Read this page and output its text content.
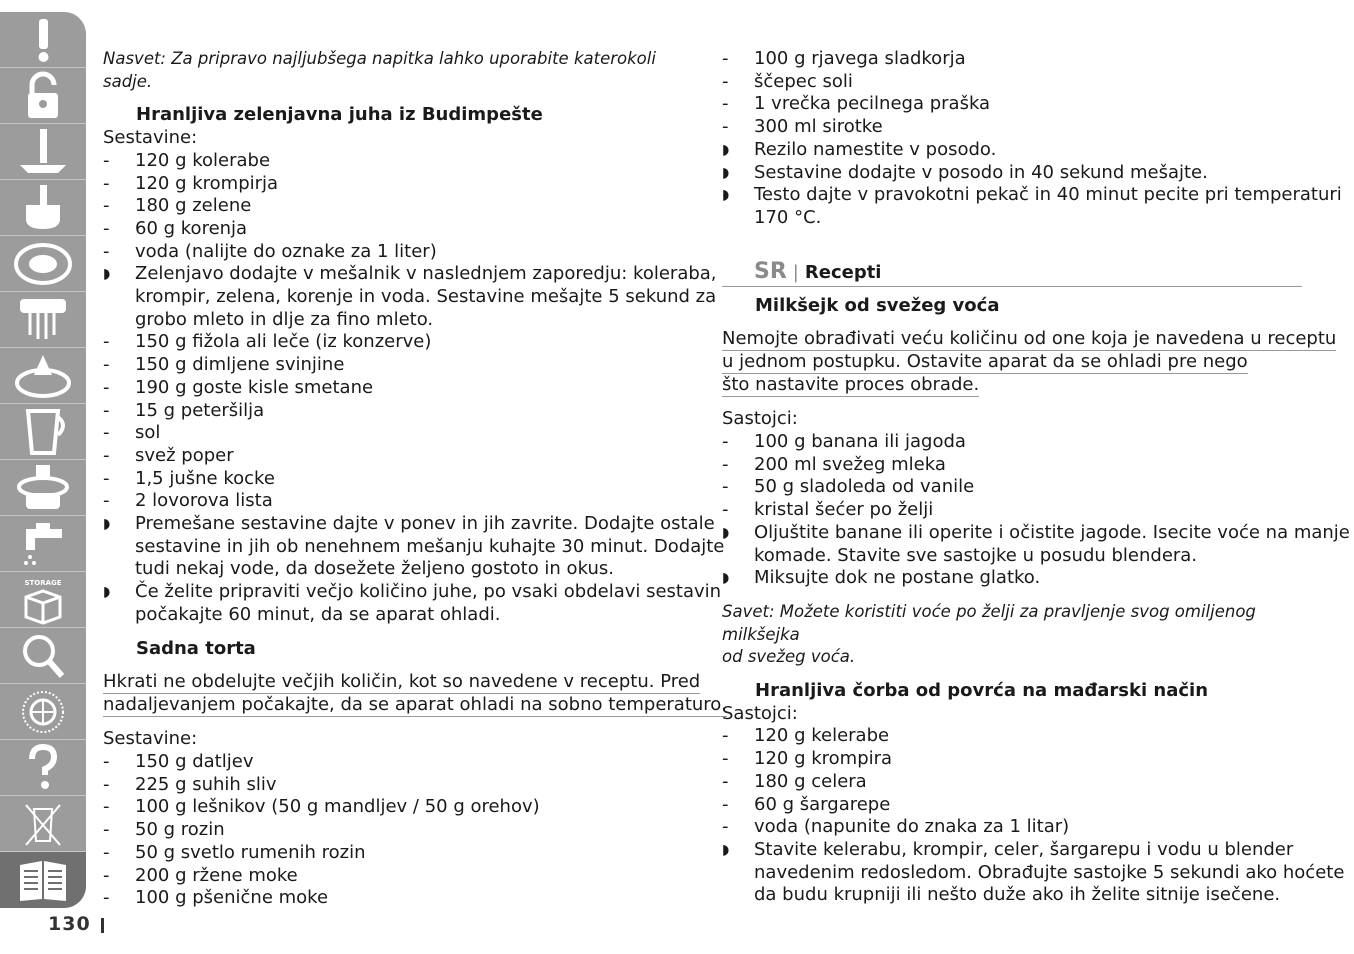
STORAGE
130
Nasvet: Za pripravo najljubšega napitka lahko uporabite katerokoli sadje.
Hranljiva zelenjavna juha iz Budimpešte
Sestavine:
-	120 g kolerabe
-	120 g krompirja
-	180 g zelene
-	60 g korenja
-	voda (nalijte do oznake za 1 liter)
◗	Zelenjavo dodajte v mešalnik v naslednjem zaporedju: koleraba,
krompir, zelena, korenje in voda. Sestavine mešajte 5 sekund za
grobo mleto in dlje za fino mleto.
-	150 g fižola ali leče (iz konzerve)
-	150 g dimljene svinjine
-	190 g goste kisle smetane
-	15 g peteršilja
-	sol
-	svež poper
-	1,5 jušne kocke
-	2 lovorova lista
◗	Premešane sestavine dajte v ponev in jih zavrite. Dodajte ostale
sestavine in jih ob nenehnem mešanju kuhajte 30 minut. Dodajte
tudi nekaj vode, da dosežete željeno gostoto in okus.
◗	Če želite pripraviti večjo količino juhe, po vsaki obdelavi sestavin
počakajte 60 minut, da se aparat ohladi.
Sadna torta
Hkrati ne obdelujte večjih količin, kot so navedene v receptu. Pred
nadaljevanjem počakajte, da se aparat ohladi na sobno temperaturo.
Sestavine:
-	150 g datljev
-	225 g suhih sliv
-	100 g lešnikov (50 g mandljev / 50 g orehov)
-	50 g rozin
-	50 g svetlo rumenih rozin
-	200 g ržene moke
-	100 g pšenične moke
-	100 g rjavega sladkorja
-	ščepec soli
-	1 vrečka pecilnega praška
-	300 ml sirotke
◗	Rezilo namestite v posodo.
◗	Sestavine dodajte v posodo in 40 sekund mešajte.
◗	Testo dajte v pravokotni pekač in 40 minut pecite pri temperaturi
170 °C.
SR | Recepti
Milkšejk od svežeg voća
Nemojte obrađivati veću količinu od one koja je navedena u receptu
u jednom postupku. Ostavite aparat da se ohladi pre nego
što nastavite proces obrade.
Sastojci:
-	100 g banana ili jagoda
-	200 ml svežeg mleka
-	50 g sladoleda od vanile
-	kristal šećer po želji
◗	Oljuštite banane ili operite i očistite jagode. Isecite voće na manje
komade. Stavite sve sastojke u posudu blendera.
◗	Miksujte dok ne postane glatko.
Savet: Možete koristiti voće po želji za pravljenje svog omiljenog milkšejka
od svežeg voća.
Hranljiva čorba od povrća na mađarski način
Sastojci:
-	120 g kelerabe
-	120 g krompira
-	180 g celera
-	60 g šargarepe
-	voda (napunite do znaka za 1 litar)
◗	Stavite kelerabu, krompir, celer, šargarepu i vodu u blender
navedenim redosledom. Obrađujte sastojke 5 sekundi ako hoćete
da budu krupniji ili nešto duže ako ih želite sitnije isečene.
